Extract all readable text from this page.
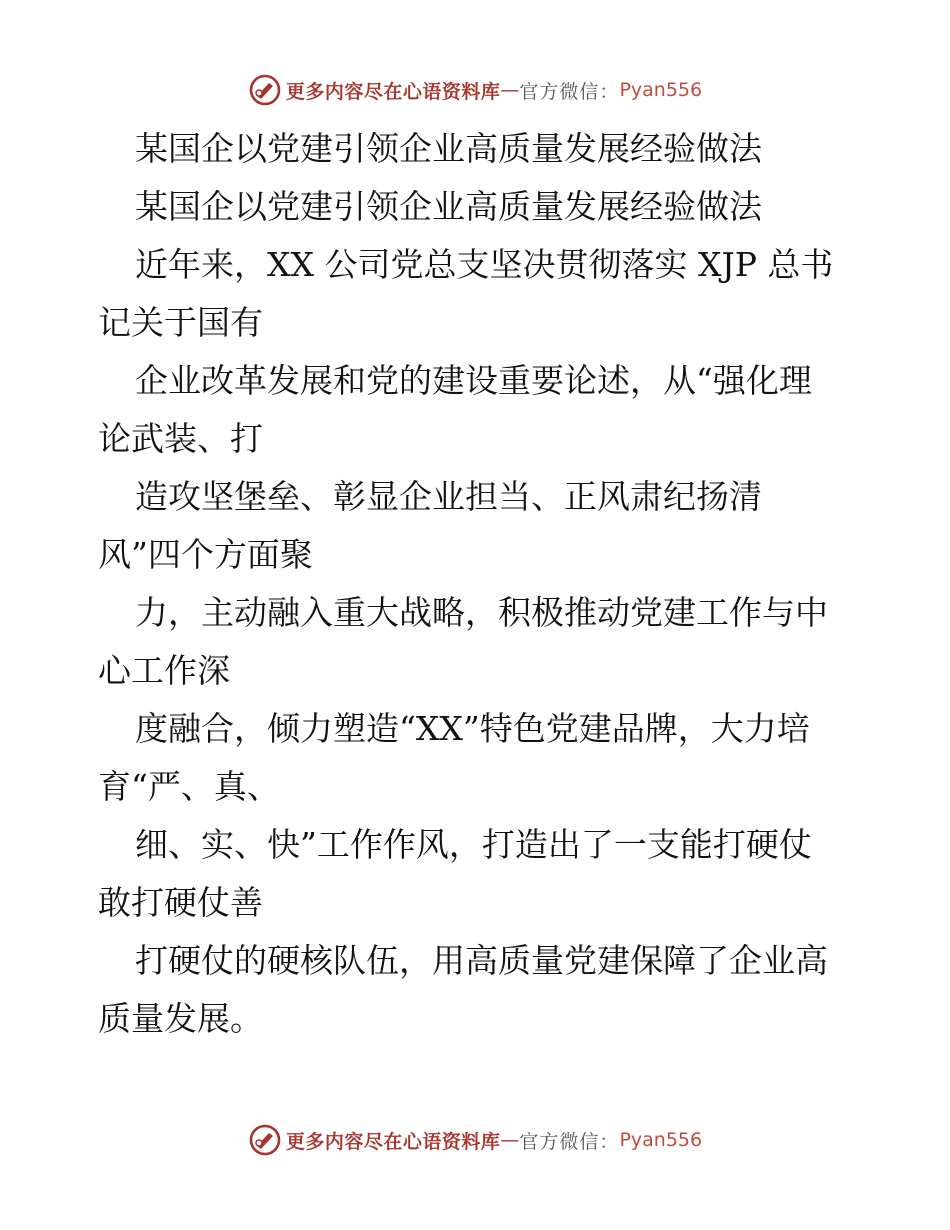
更多内容尽在心语资料库 — 官方微信： Pyan556
某国企以党建引领企业高质量发展经验做法
某国企以党建引领企业高质量发展经验做法
近年来，XX 公司党总支坚决贯彻落实 XJP 总书
记关于国有
企业改革发展和党的建设重要论述，从“强化理
论武装、打
造攻坚堡垒、彰显企业担当、正风肃纪扬清
风”四个方面聚
力，主动融入重大战略，积极推动党建工作与中
心工作深
度融合，倾力塑造“XX”特色党建品牌，大力培
育“严、真、
细、实、快”工作作风，打造出了一支能打硬仗
敢打硬仗善
打硬仗的硬核队伍，用高质量党建保障了企业高
质量发展。
更多内容尽在心语资料库 — 官方微信： Pyan556
